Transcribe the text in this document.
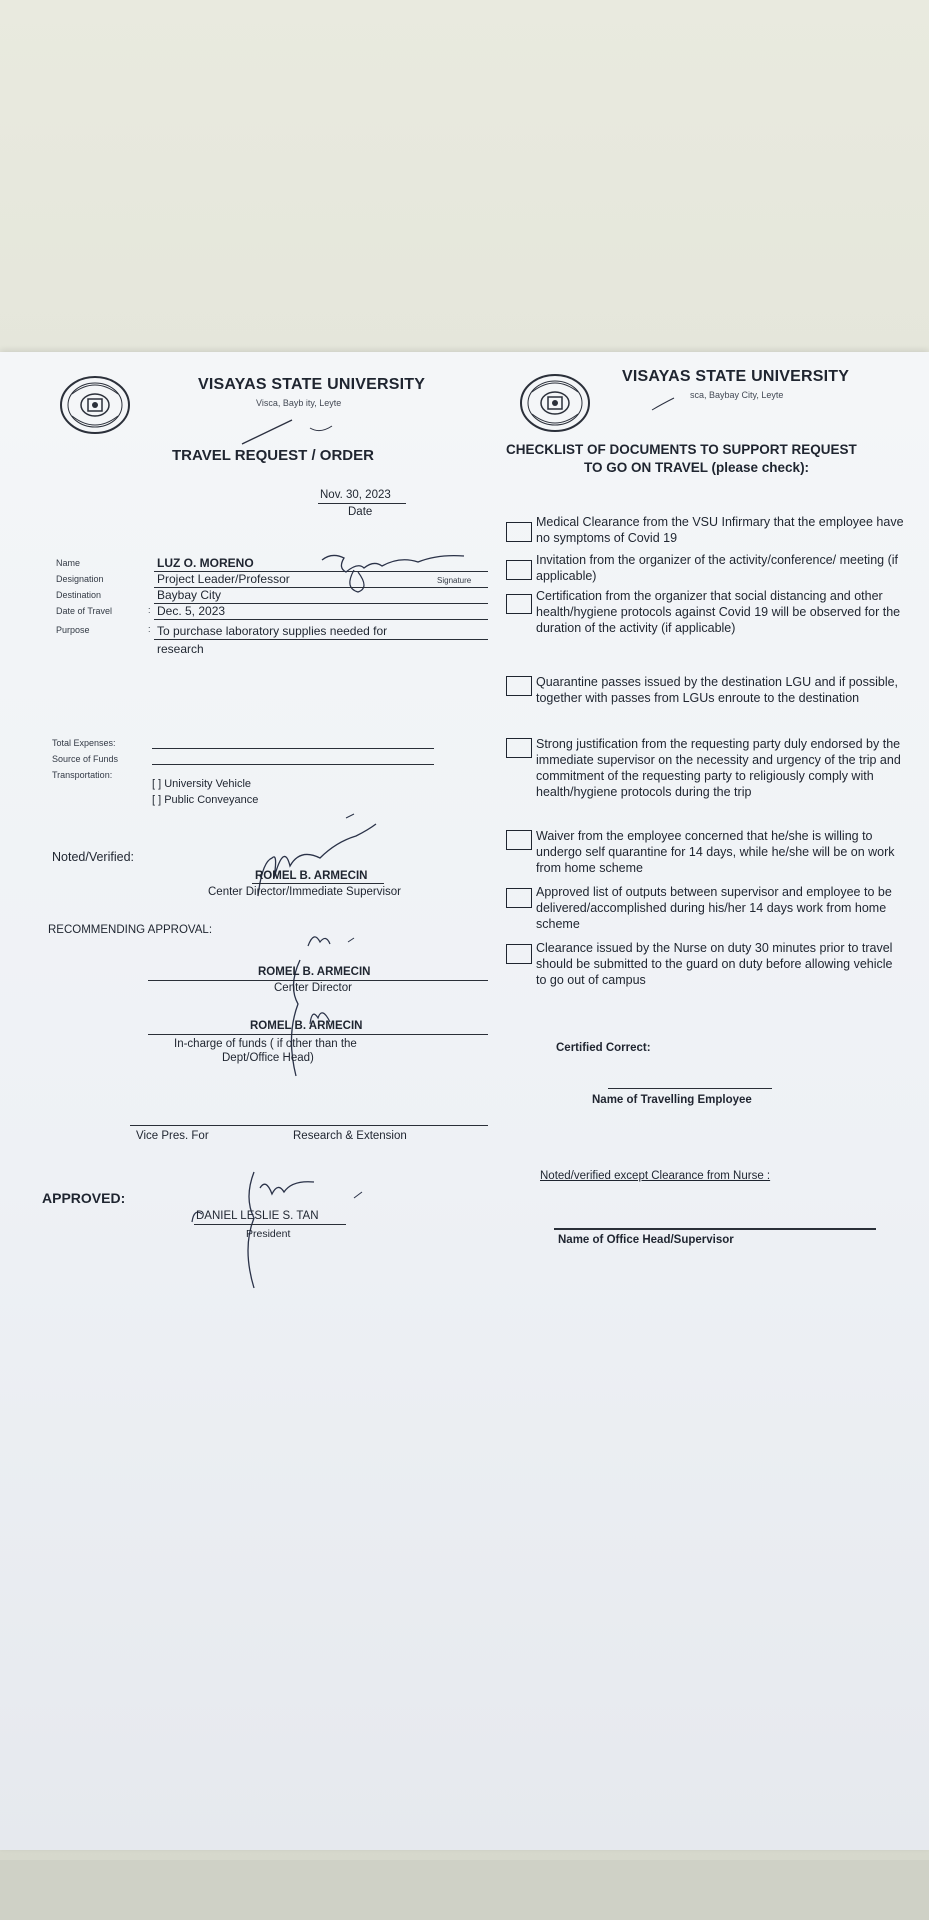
VISAYAS STATE UNIVERSITY
Visca, Bayb ity, Leyte
TRAVEL REQUEST / ORDER
Nov. 30, 2023
Date
Name	LUZ O. MORENO
Designation	Project Leader/Professor	Signature
Destination	Baybay City
Date of Travel	: Dec. 5, 2023
Purpose	: To purchase laboratory supplies needed for
research
Total Expenses:
Source of Funds
Transportation:
[ ] University Vehicle
[ ] Public Conveyance
Noted/Verified:
ROMEL B. ARMECIN
Center Director/Immediate Supervisor
RECOMMENDING APPROVAL:
ROMEL B. ARMECIN
Center Director
ROMEL B. ARMECIN
In-charge of funds ( if other than the
Dept/Office Head)
Vice Pres. For	Research & Extension
APPROVED:
DANIEL LESLIE S. TAN
President
VISAYAS STATE UNIVERSITY
sca, Baybay City, Leyte
CHECKLIST OF DOCUMENTS TO SUPPORT REQUEST
TO GO ON TRAVEL (please check):
Medical Clearance from the VSU Infirmary that the employee have no symptoms of Covid 19
Invitation from the organizer of the activity/conference/ meeting (if applicable)
Certification from the organizer that social distancing and other health/hygiene protocols against Covid 19 will be observed for the duration of the activity (if applicable)
Quarantine passes issued by the destination LGU and if possible, together with passes from LGUs enroute to the destination
Strong justification from the requesting party duly endorsed by the immediate supervisor on the necessity and urgency of the trip and commitment of the requesting party to religiously comply with health/hygiene protocols during the trip
Waiver from the employee concerned that he/she is willing to undergo self quarantine for 14 days, while he/she will be on work from home scheme
Approved list of outputs between supervisor and employee to be delivered/accomplished during his/her 14 days work from home scheme
Clearance issued by the Nurse on duty 30 minutes prior to travel should be submitted to the guard on duty before allowing vehicle to go out of campus
Certified Correct:
Name of Travelling Employee
Noted/verified except Clearance from Nurse :
Name of Office Head/Supervisor
